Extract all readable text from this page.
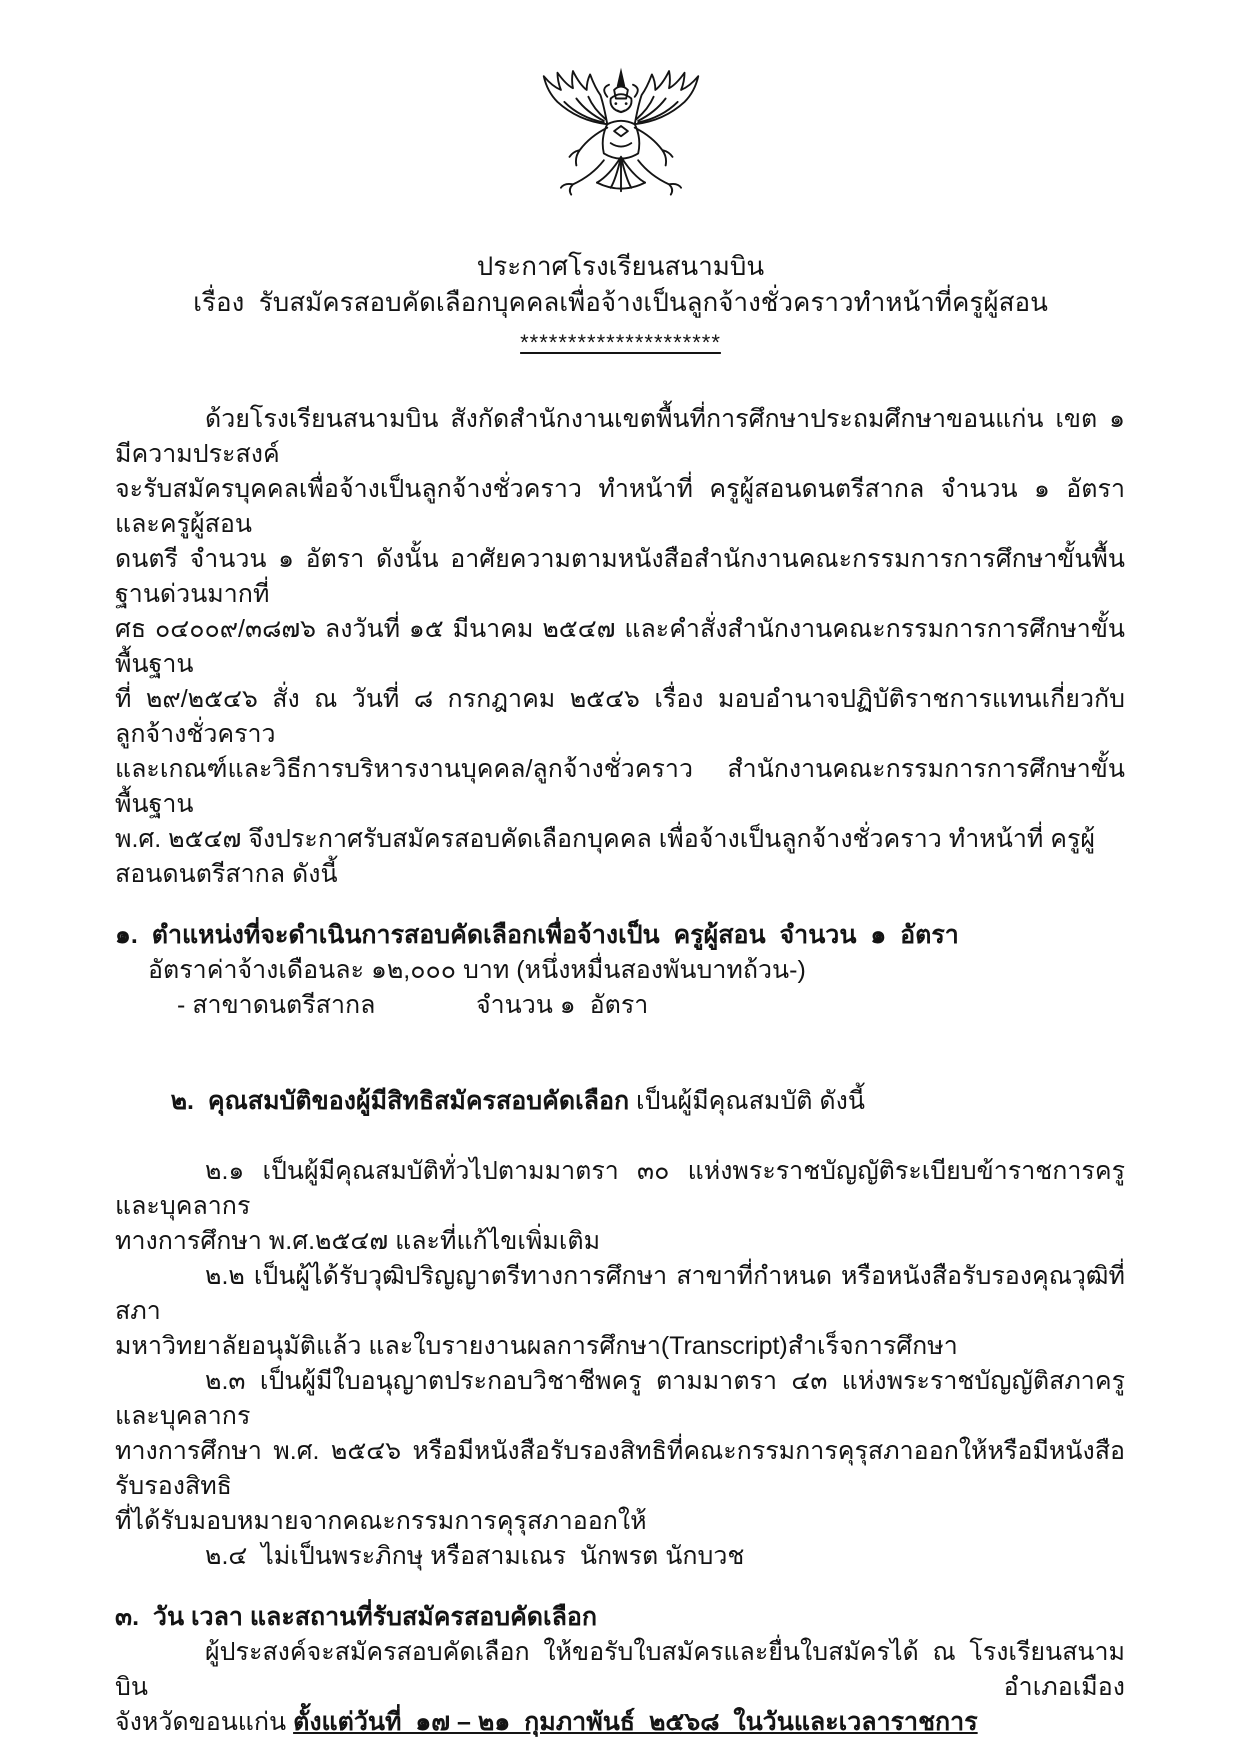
ประกาศโรงเรียนสนามบิน
เรื่อง  รับสมัครสอบคัดเลือกบุคคลเพื่อจ้างเป็นลูกจ้างชั่วคราวทำหน้าที่ครูผู้สอน
*********************
ด้วยโรงเรียนสนามบิน สังกัดสำนักงานเขตพื้นที่การศึกษาประถมศึกษาขอนแก่น เขต ๑ มีความประสงค์
จะรับสมัครบุคคลเพื่อจ้างเป็นลูกจ้างชั่วคราว ทำหน้าที่ ครูผู้สอนดนตรีสากล จำนวน ๑ อัตรา และครูผู้สอน
ดนตรี จำนวน ๑ อัตรา ดังนั้น อาศัยความตามหนังสือสำนักงานคณะกรรมการการศึกษาขั้นพื้นฐานด่วนมากที่
ศธ ๐๔๐๐๙/๓๘๗๖ ลงวันที่ ๑๕ มีนาคม ๒๕๔๗ และคำสั่งสำนักงานคณะกรรมการการศึกษาขั้นพื้นฐาน
ที่ ๒๙/๒๕๔๖ สั่ง ณ วันที่ ๘ กรกฎาคม ๒๕๔๖ เรื่อง มอบอำนาจปฏิบัติราชการแทนเกี่ยวกับลูกจ้างชั่วคราว
และเกณฑ์และวิธีการบริหารงานบุคคล/ลูกจ้างชั่วคราว สำนักงานคณะกรรมการการศึกษาขั้นพื้นฐาน
พ.ศ. ๒๕๔๗ จึงประกาศรับสมัครสอบคัดเลือกบุคคล เพื่อจ้างเป็นลูกจ้างชั่วคราว ทำหน้าที่ ครูผู้สอนดนตรีสากล ดังนี้
๑.  ตำแหน่งที่จะดำเนินการสอบคัดเลือกเพื่อจ้างเป็น  ครูผู้สอน  จำนวน  ๑  อัตรา
อัตราค่าจ้างเดือนละ ๑๒,๐๐๐ บาท (หนึ่งหมื่นสองพันบาทถ้วน-)
- สาขาดนตรีสากล	จำนวน ๑  อัตรา

๒.  คุณสมบัติของผู้มีสิทธิสมัครสอบคัดเลือก เป็นผู้มีคุณสมบัติ ดังนี้

๒.๑ เป็นผู้มีคุณสมบัติทั่วไปตามมาตรา ๓๐ แห่งพระราชบัญญัติระเบียบข้าราชการครูและบุคลากร
ทางการศึกษา พ.ศ.๒๕๔๗ และที่แก้ไขเพิ่มเติม
๒.๒ เป็นผู้ได้รับวุฒิปริญญาตรีทางการศึกษา สาขาที่กำหนด หรือหนังสือรับรองคุณวุฒิที่สภา
มหาวิทยาลัยอนุมัติแล้ว และใบรายงานผลการศึกษา(Transcript)สำเร็จการศึกษา
๒.๓ เป็นผู้มีใบอนุญาตประกอบวิชาชีพครู ตามมาตรา ๔๓ แห่งพระราชบัญญัติสภาครูและบุคลากร
ทางการศึกษา พ.ศ. ๒๕๔๖ หรือมีหนังสือรับรองสิทธิที่คณะกรรมการคุรุสภาออกให้หรือมีหนังสือรับรองสิทธิ
ที่ได้รับมอบหมายจากคณะกรรมการคุรุสภาออกให้
๒.๔  ไม่เป็นพระภิกษุ หรือสามเณร  นักพรต นักบวช
๓.  วัน เวลา และสถานที่รับสมัครสอบคัดเลือก
ผู้ประสงค์จะสมัครสอบคัดเลือก ให้ขอรับใบสมัครและยื่นใบสมัครได้ ณ โรงเรียนสนามบิน อำเภอเมือง
จังหวัดขอนแก่น ตั้งแต่วันที่  ๑๗ – ๒๑  กุมภาพันธ์  ๒๕๖๘  ในวันและเวลาราชการ
